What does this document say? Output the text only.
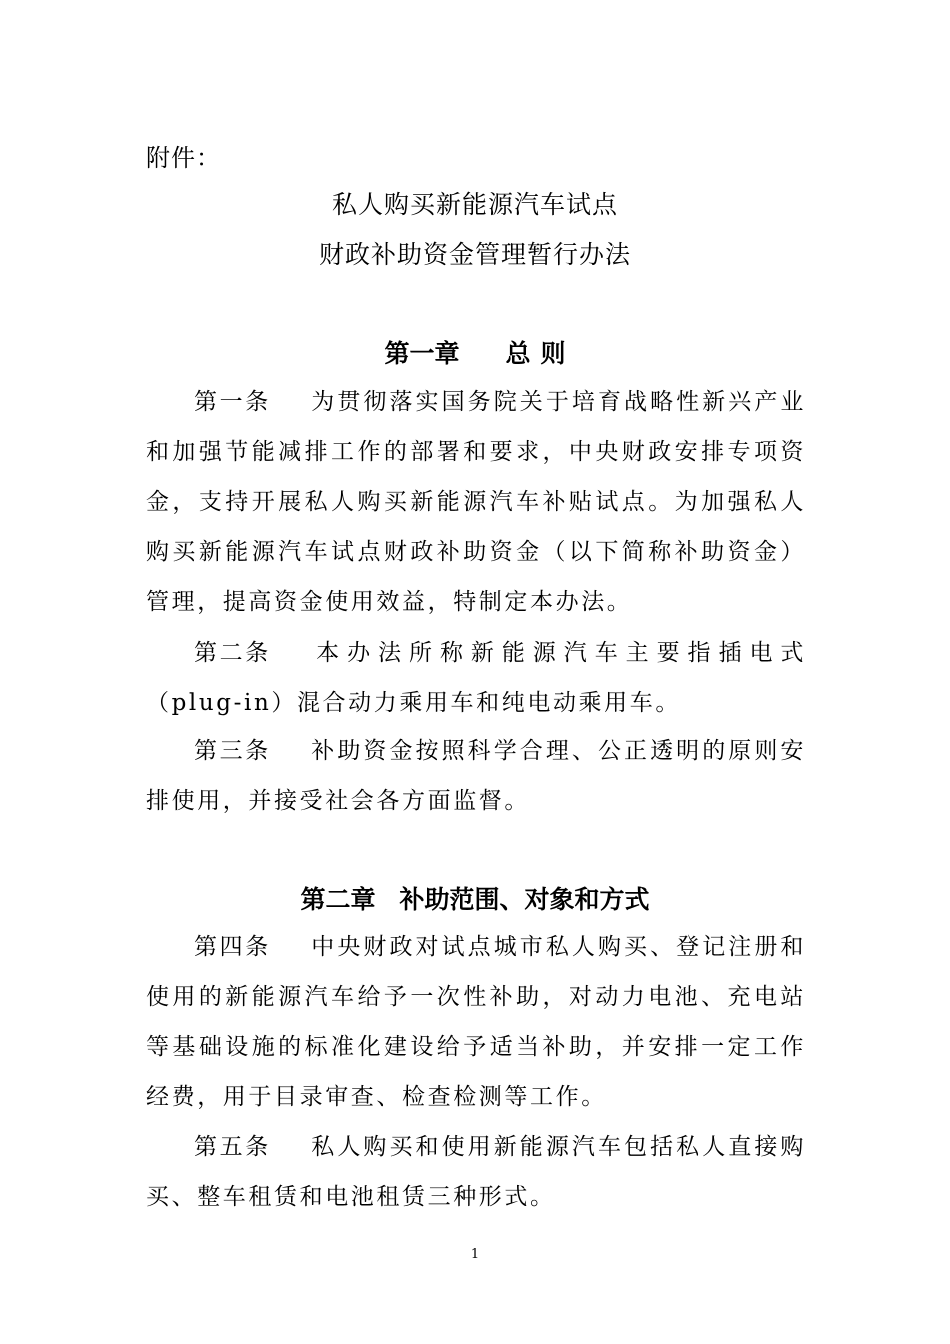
附件：
私人购买新能源汽车试点
财政补助资金管理暂行办法
第一章 总 则
第一条 为贯彻落实国务院关于培育战略性新兴产业和加强节能减排工作的部署和要求，中央财政安排专项资金，支持开展私人购买新能源汽车补贴试点。为加强私人购买新能源汽车试点财政补助资金（以下简称补助资金）管理，提高资金使用效益，特制定本办法。
第二条 本办法所称新能源汽车主要指插电式（plug-in）混合动力乘用车和纯电动乘用车。
第三条 补助资金按照科学合理、公正透明的原则安排使用，并接受社会各方面监督。
第二章 补助范围、对象和方式
第四条 中央财政对试点城市私人购买、登记注册和使用的新能源汽车给予一次性补助，对动力电池、充电站等基础设施的标准化建设给予适当补助，并安排一定工作经费，用于目录审查、检查检测等工作。
第五条 私人购买和使用新能源汽车包括私人直接购买、整车租赁和电池租赁三种形式。
1
